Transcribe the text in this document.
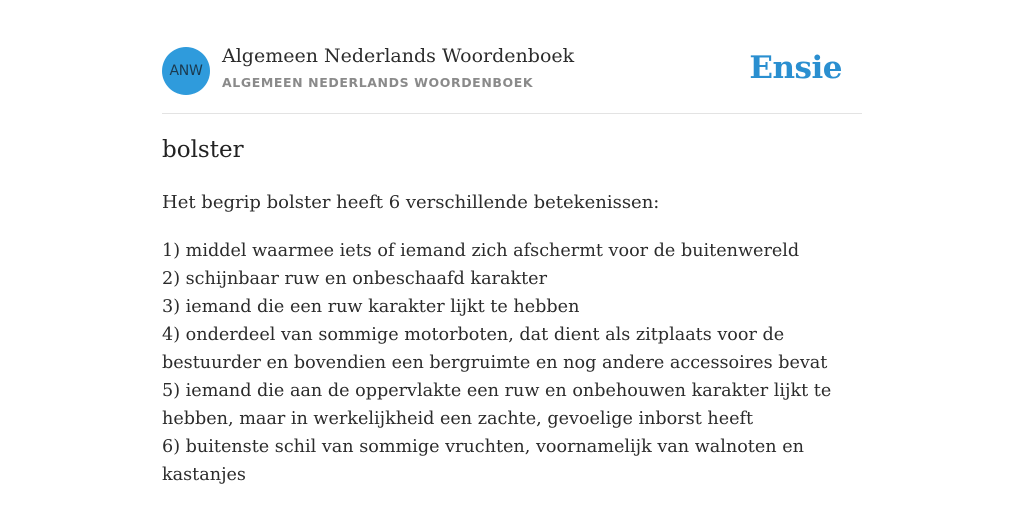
ANW
Algemeen Nederlands Woordenboek
ALGEMEEN NEDERLANDS WOORDENBOEK	Ensie
bolster
Het begrip bolster heeft 6 verschillende betekenissen:
1) middel waarmee iets of iemand zich afschermt voor de buitenwereld
2) schijnbaar ruw en onbeschaafd karakter
3) iemand die een ruw karakter lijkt te hebben
4) onderdeel van sommige motorboten, dat dient als zitplaats voor de bestuurder en bovendien een bergruimte en nog andere accessoires bevat
5) iemand die aan de oppervlakte een ruw en onbehouwen karakter lijkt te hebben, maar in werkelijkheid een zachte, gevoelige inborst heeft
6) buitenste schil van sommige vruchten, voornamelijk van walnoten en kastanjes
